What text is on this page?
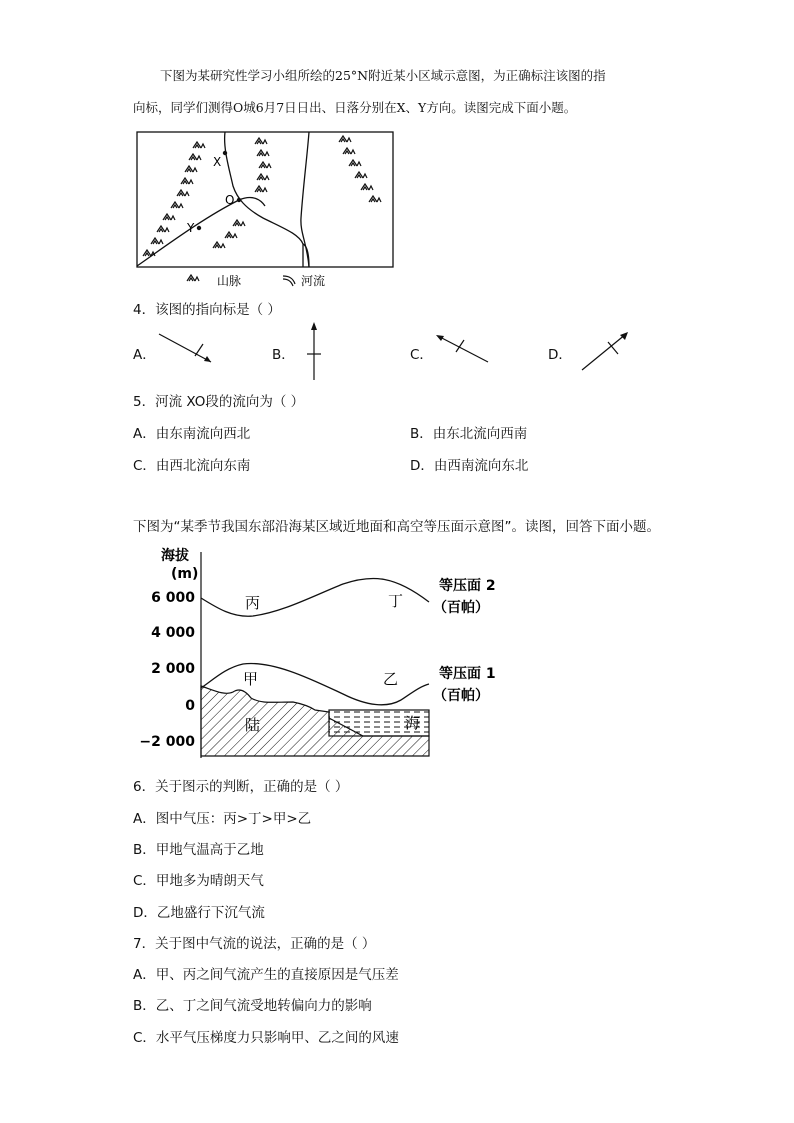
下图为某研究性学习小组所绘的25°N附近某小区域示意图，为正确标注该图的指
向标，同学们测得O城6月7日日出、日落分别在X、Y方向。读图完成下面小题。
X
O
Y
山脉	河流
4．该图的指向标是（ ）
A．	B．	C．	D．
5．河流 XO段的流向为（ ）
A．由东南流向西北	B．由东北流向西南
C．由西北流向东南	D．由西南流向东北
下图为“某季节我国东部沿海某区域近地面和高空等压面示意图”。读图，回答下面小题。
海拔
(m)
6 000
4 000
2 000
0
−2 000
丙	丁
甲	乙
陆	海
等压面 2
（百帕）
等压面 1
（百帕）
6．关于图示的判断，正确的是（ ）
A．图中气压：丙>丁>甲>乙
B．甲地气温高于乙地
C．甲地多为晴朗天气
D．乙地盛行下沉气流
7．关于图中气流的说法，正确的是（ ）
A．甲、丙之间气流产生的直接原因是气压差
B．乙、丁之间气流受地转偏向力的影响
C．水平气压梯度力只影响甲、乙之间的风速
